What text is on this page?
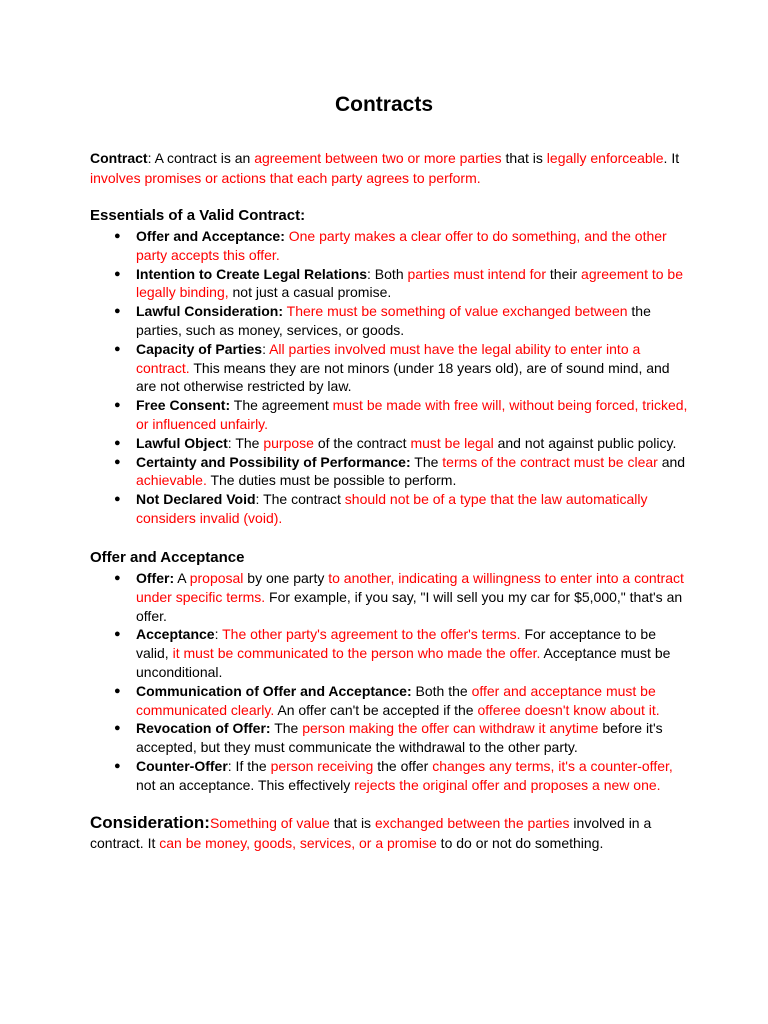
Contracts

Contract: A contract is an agreement between two or more parties that is legally enforceable. It involves promises or actions that each party agrees to perform.

Essentials of a Valid Contract:
● Offer and Acceptance: One party makes a clear offer to do something, and the other party accepts this offer.
● Intention to Create Legal Relations: Both parties must intend for their agreement to be legally binding, not just a casual promise.
● Lawful Consideration: There must be something of value exchanged between the parties, such as money, services, or goods.
● Capacity of Parties: All parties involved must have the legal ability to enter into a contract. This means they are not minors (under 18 years old), are of sound mind, and are not otherwise restricted by law.
● Free Consent: The agreement must be made with free will, without being forced, tricked, or influenced unfairly.
● Lawful Object: The purpose of the contract must be legal and not against public policy.
● Certainty and Possibility of Performance: The terms of the contract must be clear and achievable. The duties must be possible to perform.
● Not Declared Void: The contract should not be of a type that the law automatically considers invalid (void).
Offer and Acceptance
● Offer: A proposal by one party to another, indicating a willingness to enter into a contract under specific terms. For example, if you say, "I will sell you my car for $5,000," that's an offer.
● Acceptance: The other party's agreement to the offer's terms. For acceptance to be valid, it must be communicated to the person who made the offer. Acceptance must be unconditional.
● Communication of Offer and Acceptance: Both the offer and acceptance must be communicated clearly. An offer can't be accepted if the offeree doesn't know about it.
● Revocation of Offer: The person making the offer can withdraw it anytime before it's accepted, but they must communicate the withdrawal to the other party.
● Counter-Offer: If the person receiving the offer changes any terms, it's a counter-offer, not an acceptance. This effectively rejects the original offer and proposes a new one.

Consideration:Something of value that is exchanged between the parties involved in a contract. It can be money, goods, services, or a promise to do or not do something.
